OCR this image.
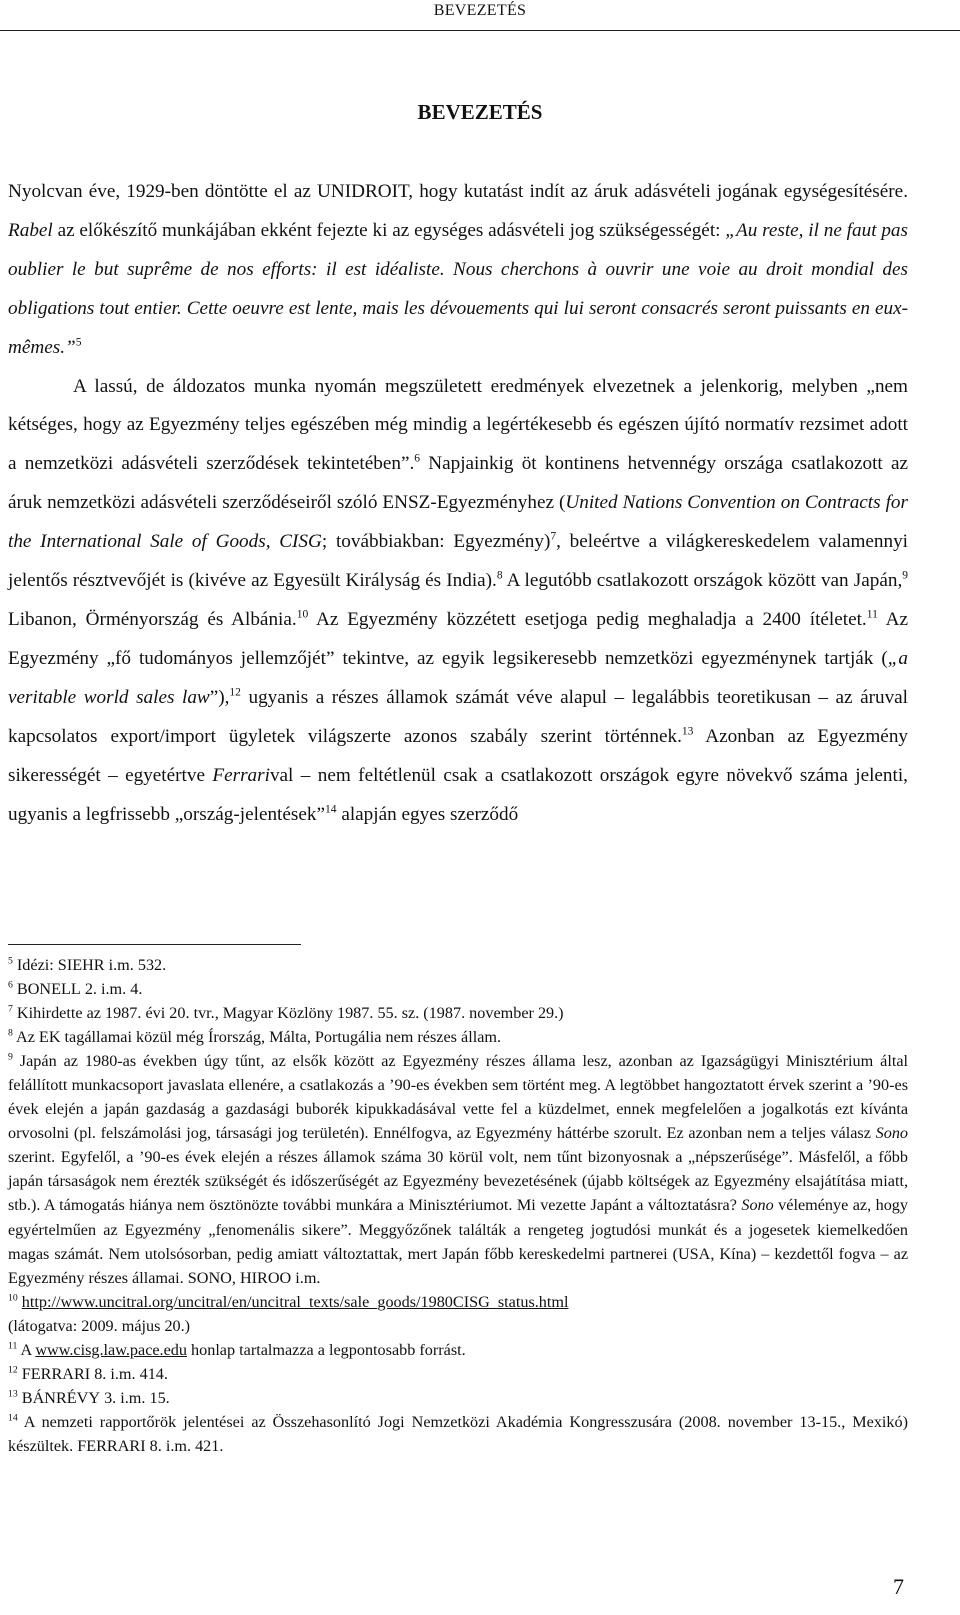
BEVEZETÉS
BEVEZETÉS

Nyolcvan éve, 1929-ben döntötte el az UNIDROIT, hogy kutatást indít az áruk adásvételi jogának egységesítésére. Rabel az előkészítő munkájában ekként fejezte ki az egységes adásvételi jog szükségességét: „Au reste, il ne faut pas oublier le but suprême de nos efforts: il est idéaliste. Nous cherchons à ouvrir une voie au droit mondial des obligations tout entier. Cette oeuvre est lente, mais les dévouements qui lui seront consacrés seront puissants en eux-mêmes.”$^5$

A lassú, de áldozatos munka nyomán megszületett eredmények elvezetnek a jelenkorig, melyben „nem kétséges, hogy az Egyezmény teljes egészében még mindig a legértékesebb és egészen újító normatív rezsimet adott a nemzetközi adásvételi szerződések tekintetében”.$^6$ Napjainkig öt kontinens hetvennégy országa csatlakozott az áruk nemzetközi adásvételi szerződéseiről szóló ENSZ-Egyezményhez (United Nations Convention on Contracts for the International Sale of Goods, CISG; továbbiakban: Egyezmény)$^7$, beleértve a világkereskedelem valamennyi jelentős résztvevőjét is (kivéve az Egyesült Királyság és India).$^8$ A legutóbb csatlakozott országok között van Japán,$^9$ Libanon, Örményország és Albánia.$^{10}$ Az Egyezmény közzétett esetjoga pedig meghaladja a 2400 ítéletet.$^{11}$ Az Egyezmény „fő tudományos jellemzőjét” tekintve, az egyik legsikeresebb nemzetközi egyezménynek tartják („a veritable world sales law”),$^{12}$ ugyanis a részes államok számát véve alapul – legalábbis teoretikusan – az áruval kapcsolatos export/import ügyletek világszerte azonos szabály szerint történnek.$^{13}$ Azonban az Egyezmény sikerességét – egyetértve Ferrarival – nem feltétlenül csak a csatlakozott országok egyre növekvő száma jelenti, ugyanis a legfrissebb „ország-jelentések”$^{14}$ alapján egyes szerződő

$^5$ Idézi: SIEHR i.m. 532.

$^6$ BONELL 2. i.m. 4.

$^7$ Kihirdette az 1987. évi 20. tvr., Magyar Közlöny 1987. 55. sz. (1987. november 29.)

$^8$ Az EK tagállamai közül még Írország, Málta, Portugália nem részes állam.

$^9$ Japán az 1980-as években úgy tűnt, az elsők között az Egyezmény részes államа lesz, azonban az Igazságügyi Minisztérium által felállított munkacsoport javaslata ellenére, a csatlakozás a ’90-es években sem történt meg. A legtöbbet hangoztatott érvek szerint a ’90-es évek elején a japán gazdaság a gazdasági buborék kipukkadásával vette fel a küzdelmet, ennek megfelelően a jogalkotás ezt kívánta orvosolni (pl. felszámolási jog, társasági jog területén). Ennélfogva, az Egyezmény háttérbe szorult. Ez azonban nem a teljes válasz Sono szerint. Egyfelől, a ’90-es évek elején a részes államok száma 30 körül volt, nem tűnt bizonyosnak a „népszerűsége”. Másfelől, a főbb japán társaságok nem érezték szükségét és időszerűségét az Egyezmény bevezetésének (újabb költségek az Egyezmény elsajátítása miatt, stb.). A támogatás hiánya nem ösztönözte további munkára a Minisztériumot. Mi vezette Japánt a változtatásra? Sono véleménye az, hogy egyértelműen az Egyezmény „fenomenális sikere”. Meggyőzőnek találták a rengeteg jogtudósi munkát és a jogesetek kiemelkedően magas számát. Nem utolsósorban, pedig amiatt változtattak, mert Japán főbb kereskedelmi partnerei (USA, Kína) – kezdettől fogva – az Egyezmény részes államai. SONO, HIROO i.m.

$^{10}$ http://www.uncitral.org/uncitral/en/uncitral_texts/sale_goods/1980CISG_status.html

(látogatva: 2009. május 20.)

$^{11}$ A www.cisg.law.pace.edu honlap tartalmazza a legpontosabb forrást.

$^{12}$ FERRARI 8. i.m. 414.

$^{13}$ BÁNRÉVY 3. i.m. 15.

$^{14}$ A nemzeti rapportőrök jelentései az Összehasonlító Jogi Nemzetközi Akadémia Kongresszusára (2008. november 13-15., Mexikó) készültek. FERRARI 8. i.m. 421.

7
